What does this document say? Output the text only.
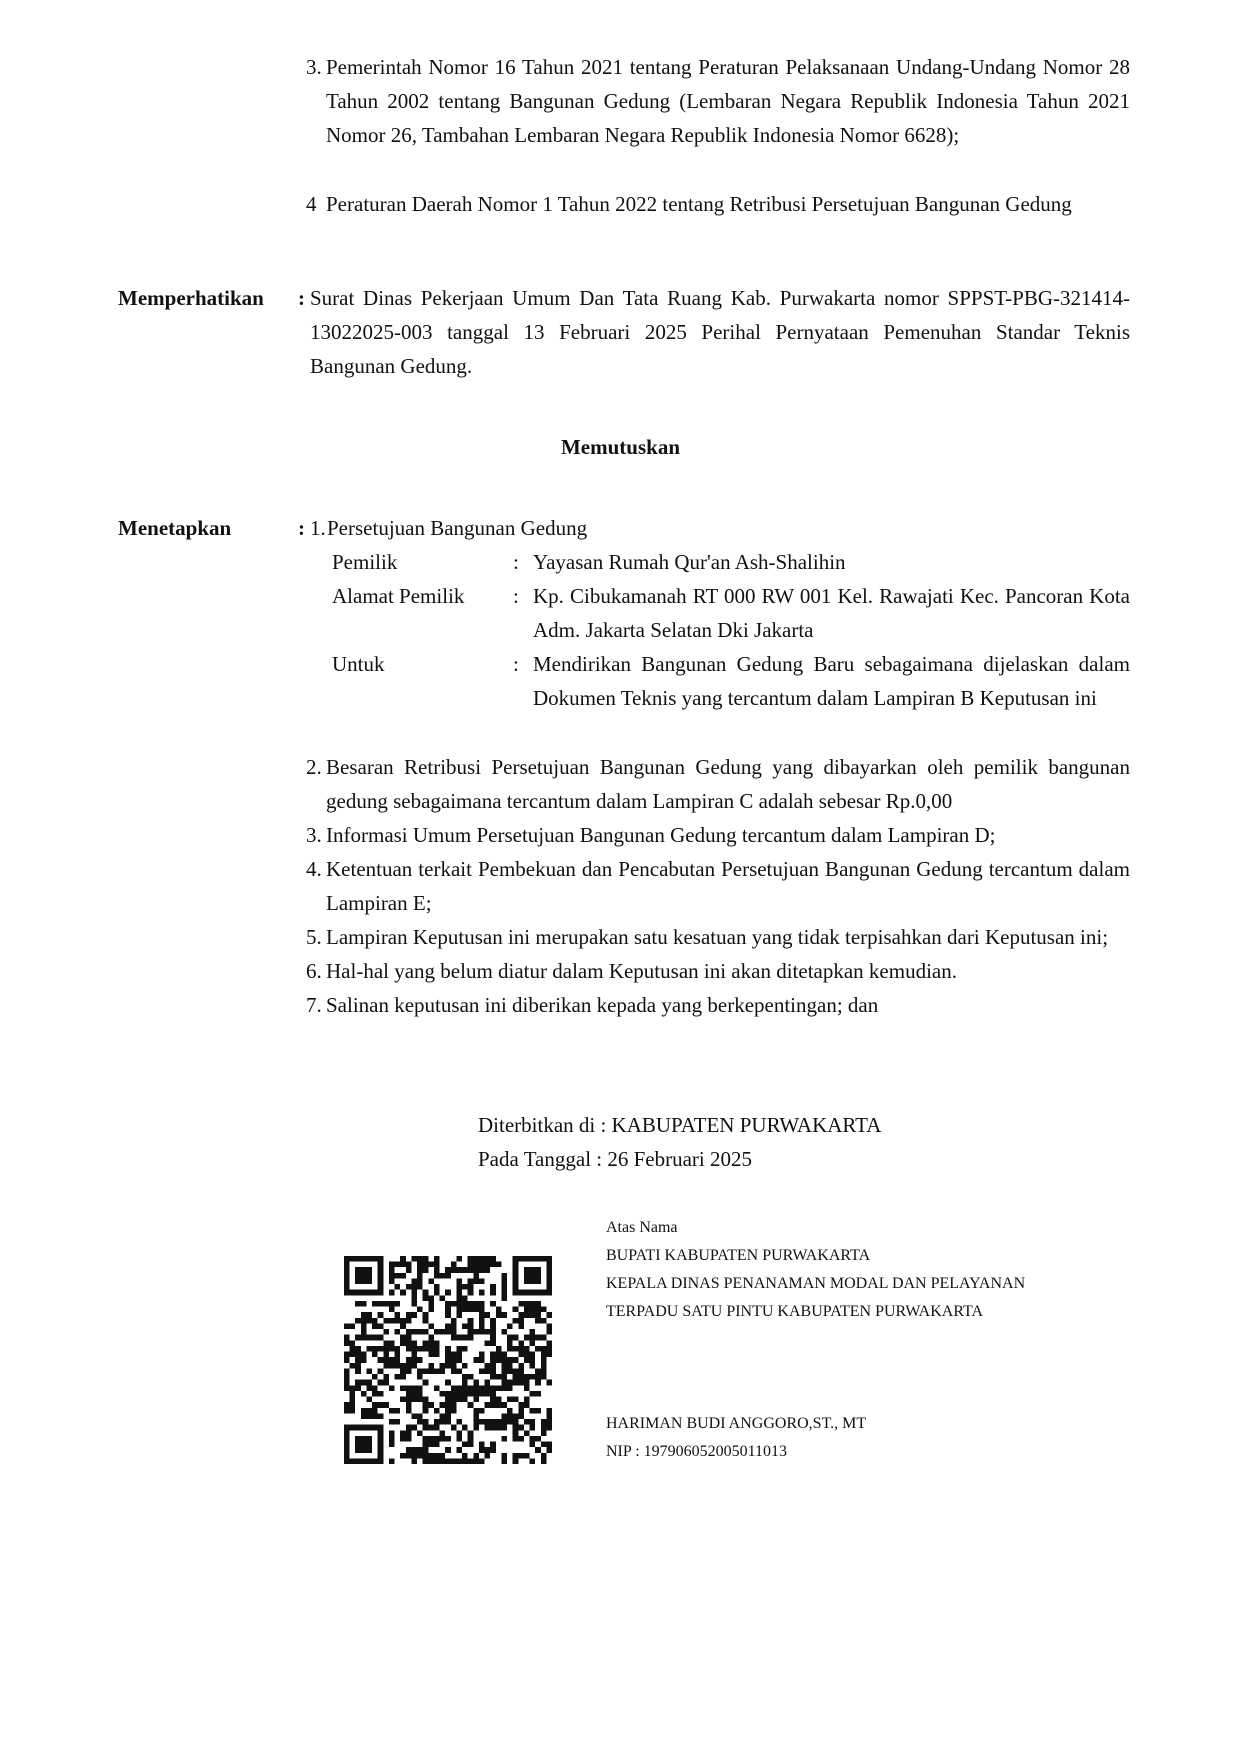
3. Pemerintah Nomor 16 Tahun 2021 tentang Peraturan Pelaksanaan Undang-Undang Nomor 28 Tahun 2002 tentang Bangunan Gedung (Lembaran Negara Republik Indonesia Tahun 2021 Nomor 26, Tambahan Lembaran Negara Republik Indonesia Nomor 6628);
4 Peraturan Daerah Nomor 1 Tahun 2022 tentang Retribusi Persetujuan Bangunan Gedung
Memperhatikan : Surat Dinas Pekerjaan Umum Dan Tata Ruang Kab. Purwakarta nomor SPPST-PBG-321414-13022025-003 tanggal 13 Februari 2025 Perihal Pernyataan Pemenuhan Standar Teknis Bangunan Gedung.
Memutuskan
Menetapkan	: 1. Persetujuan Bangunan Gedung
Pemilik	: Yayasan Rumah Qur'an Ash-Shalihin
Alamat Pemilik	: Kp. Cibukamanah RT 000 RW 001 Kel. Rawajati Kec. Pancoran Kota Adm. Jakarta Selatan Dki Jakarta
Untuk	: Mendirikan Bangunan Gedung Baru sebagaimana dijelaskan dalam Dokumen Teknis yang tercantum dalam Lampiran B Keputusan ini
2. Besaran Retribusi Persetujuan Bangunan Gedung yang dibayarkan oleh pemilik bangunan gedung sebagaimana tercantum dalam Lampiran C adalah sebesar Rp.0,00
3. Informasi Umum Persetujuan Bangunan Gedung tercantum dalam Lampiran D;
4. Ketentuan terkait Pembekuan dan Pencabutan Persetujuan Bangunan Gedung tercantum dalam Lampiran E;
5. Lampiran Keputusan ini merupakan satu kesatuan yang tidak terpisahkan dari Keputusan ini;
6. Hal-hal yang belum diatur dalam Keputusan ini akan ditetapkan kemudian.
7. Salinan keputusan ini diberikan kepada yang berkepentingan; dan
Diterbitkan di : KABUPATEN PURWAKARTA
Pada Tanggal : 26 Februari 2025
Atas Nama
BUPATI KABUPATEN PURWAKARTA
KEPALA DINAS PENANAMAN MODAL DAN PELAYANAN
TERPADU SATU PINTU KABUPATEN PURWAKARTA
HARIMAN BUDI ANGGORO,ST., MT
NIP : 197906052005011013
